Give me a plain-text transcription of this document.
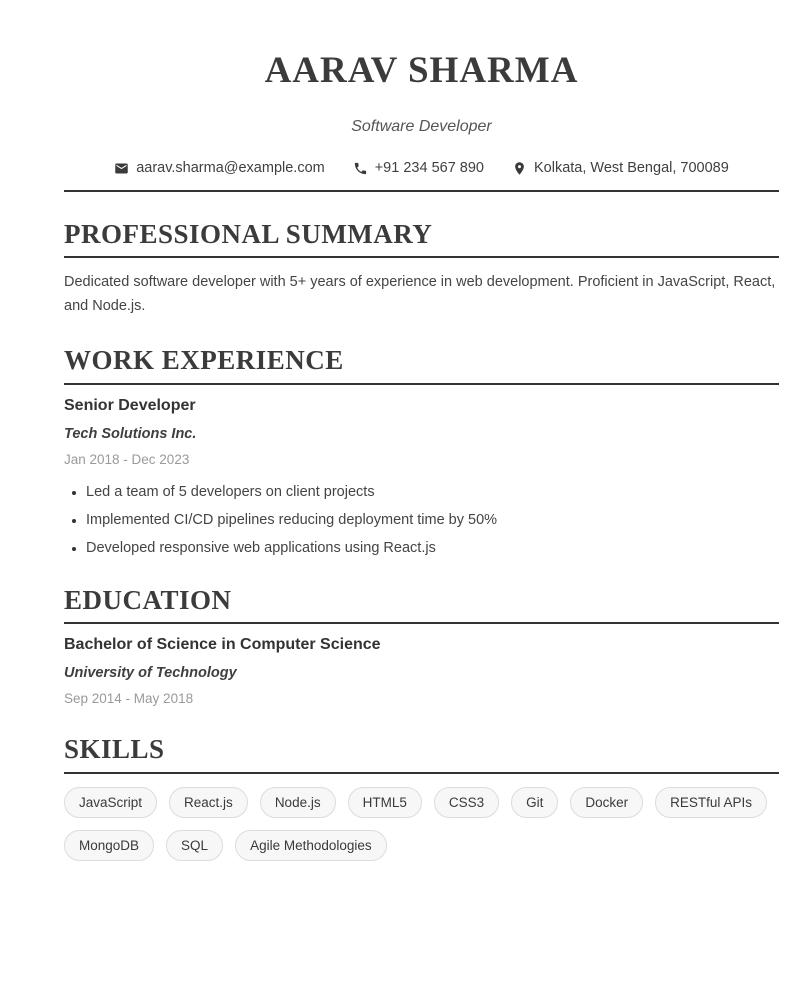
AARAV SHARMA
Software Developer
aarav.sharma@example.com	+91 234 567 890	Kolkata, West Bengal, 700089
PROFESSIONAL SUMMARY

Dedicated software developer with 5+ years of experience in web development. Proficient in JavaScript, React, and Node.js.

WORK EXPERIENCE
Senior Developer
Tech Solutions Inc.
Jan 2018 - Dec 2023
• Led a team of 5 developers on client projects
• Implemented CI/CD pipelines reducing deployment time by 50%
• Developed responsive web applications using React.js
EDUCATION
Bachelor of Science in Computer Science
University of Technology
Sep 2014 - May 2018
SKILLS
JavaScript	React.js	Node.js	HTML5	CSS3	Git	Docker	RESTful APIs
MongoDB	SQL	Agile Methodologies
